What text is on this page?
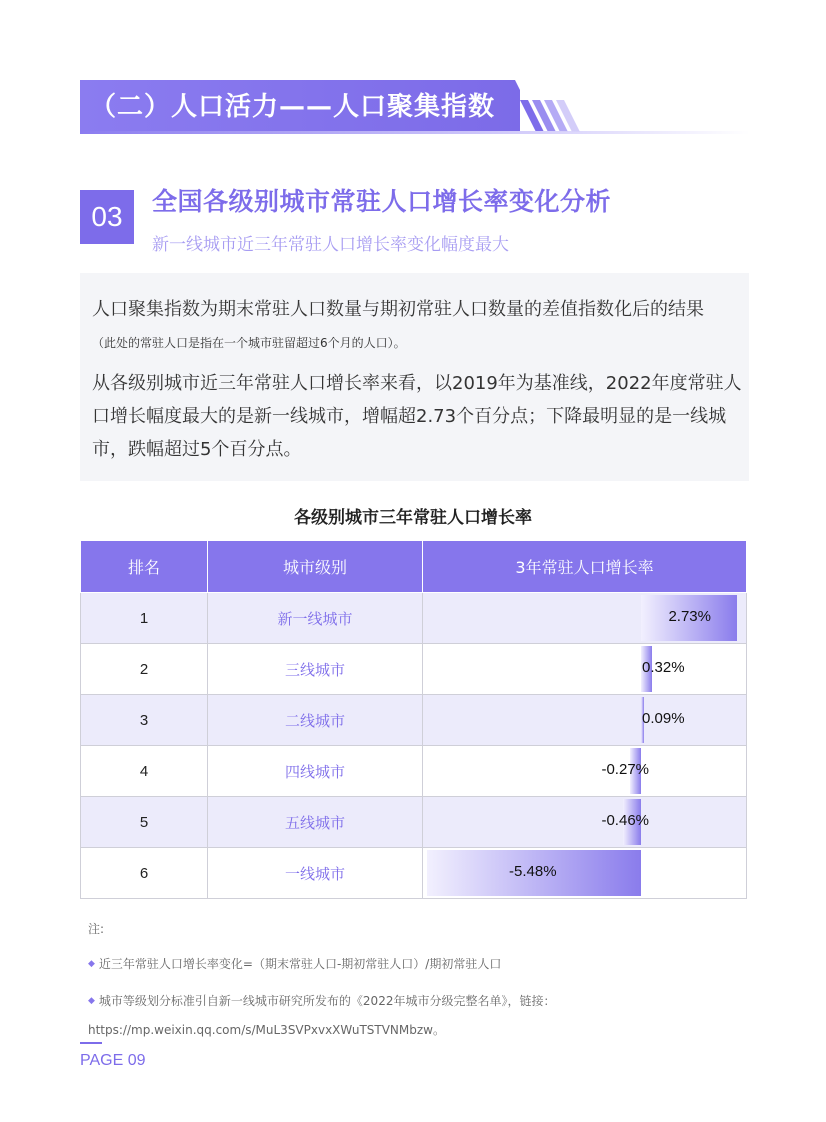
（二）人口活力——人口聚集指数
03	全国各级别城市常驻人口增长率变化分析
新一线城市近三年常驻人口增长率变化幅度最大

人口聚集指数为期末常驻人口数量与期初常驻人口数量的差值指数化后的结果

（此处的常驻人口是指在一个城市驻留超过6个月的人口）。

从各级别城市近三年常驻人口增长率来看，以2019年为基准线，2022年度常驻人口增长幅度最大的是新一线城市，增幅超2.73个百分点；下降最明显的是一线城市，跌幅超过5个百分点。

各级别城市三年常驻人口增长率
排名	城市级别	3年常驻人口增长率
1	新一线城市	2.73%

2	三线城市	0.32%

3	二线城市	0.09%

4	四线城市	-0.27%

5	五线城市	-0.46%

6	一线城市	-5.48%
注:
◆ 近三年常驻人口增长率变化=（期末常驻人口-期初常驻人口）/期初常驻人口
◆ 城市等级划分标准引自新一线城市研究所发布的《2022年城市分级完整名单》，链接：https://mp.weixin.qq.com/s/MuL3SVPxvxXWuTSTVNMbzw。
PAGE 09
